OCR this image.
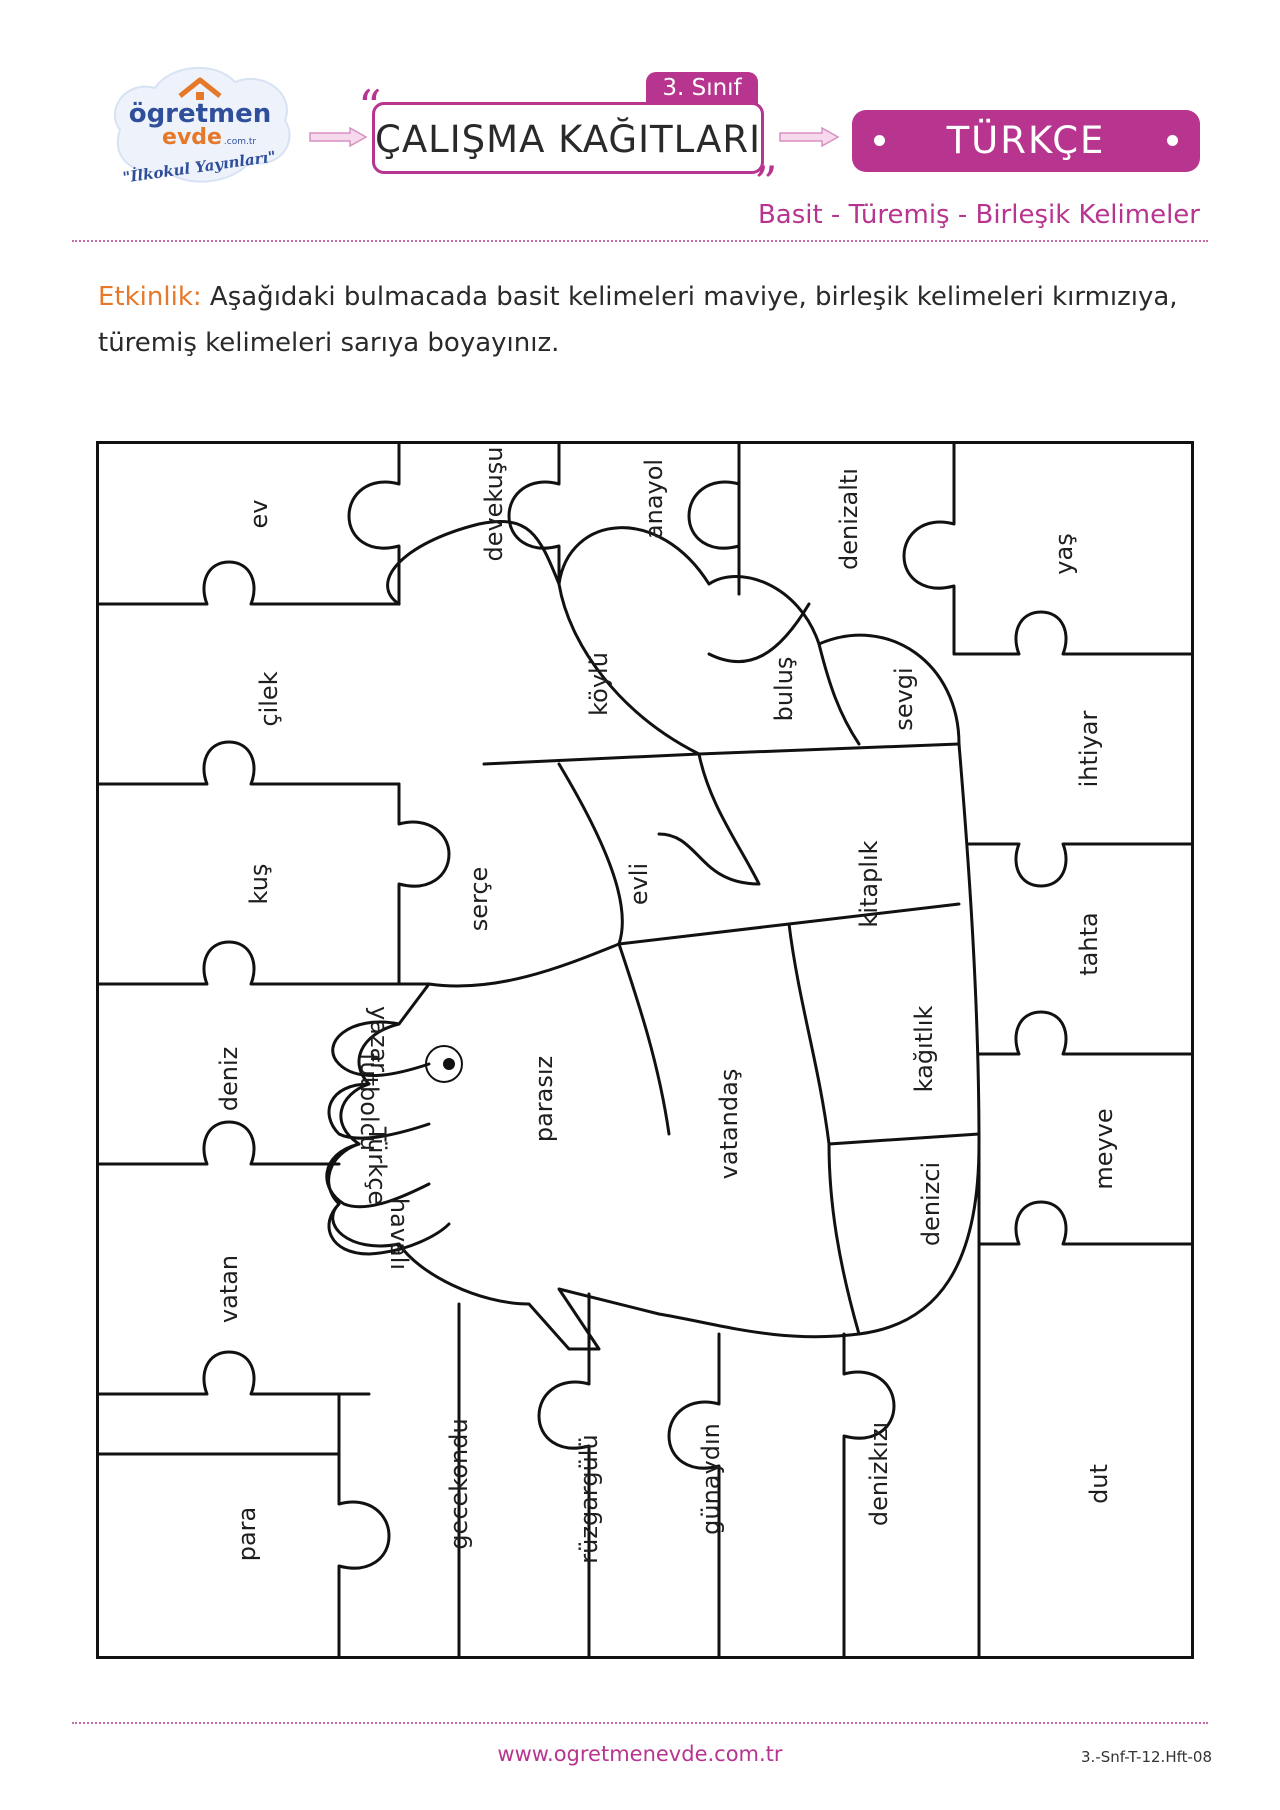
ögretmen
evde .com.tr
"İlkokul Yayınları"
3. Sınıf
ÇALIŞMA KAĞITLARI
“
”
TÜRKÇE
Basit - Türemiş - Birleşik Kelimeler
Etkinlik: Aşağıdaki bulmacada basit kelimeleri maviye, birleşik kelimeleri kırmızıya, türemiş kelimeleri sarıya boyayınız.
ev	devekuşu	anayol	denizaltı	yaş
çilek	köylü	buluş	sevgi
ihtiyar
kuş	serçe	evli	kitaplık
tahta
deniz
yazar
futbolcu
Türkçe
havalı
parasız	vatandaş
kağıtlık
meyve
denizci
vatan
para	gecekondu	rüzgargülü	günaydın	denizkızı	dut
www.ogretmenevde.com.tr	3.-Snf-T-12.Hft-08
